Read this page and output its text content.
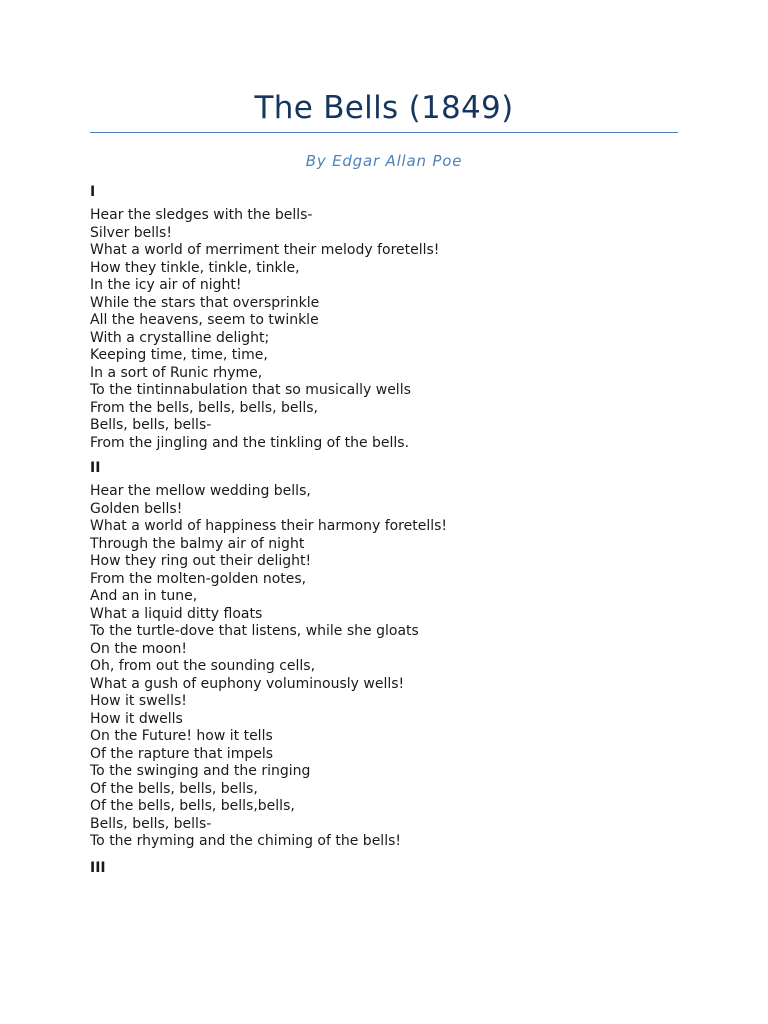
The Bells (1849)
By Edgar Allan Poe
I
Hear the sledges with the bells-
Silver bells!
What a world of merriment their melody foretells!
How they tinkle, tinkle, tinkle,
In the icy air of night!
While the stars that oversprinkle
All the heavens, seem to twinkle
With a crystalline delight;
Keeping time, time, time,
In a sort of Runic rhyme,
To the tintinnabulation that so musically wells
From the bells, bells, bells, bells,
Bells, bells, bells-
From the jingling and the tinkling of the bells.
II
Hear the mellow wedding bells,
Golden bells!
What a world of happiness their harmony foretells!
Through the balmy air of night
How they ring out their delight!
From the molten-golden notes,
And an in tune,
What a liquid ditty floats
To the turtle-dove that listens, while she gloats
On the moon!
Oh, from out the sounding cells,
What a gush of euphony voluminously wells!
How it swells!
How it dwells
On the Future! how it tells
Of the rapture that impels
To the swinging and the ringing
Of the bells, bells, bells,
Of the bells, bells, bells,bells,
Bells, bells, bells-
To the rhyming and the chiming of the bells!
III
